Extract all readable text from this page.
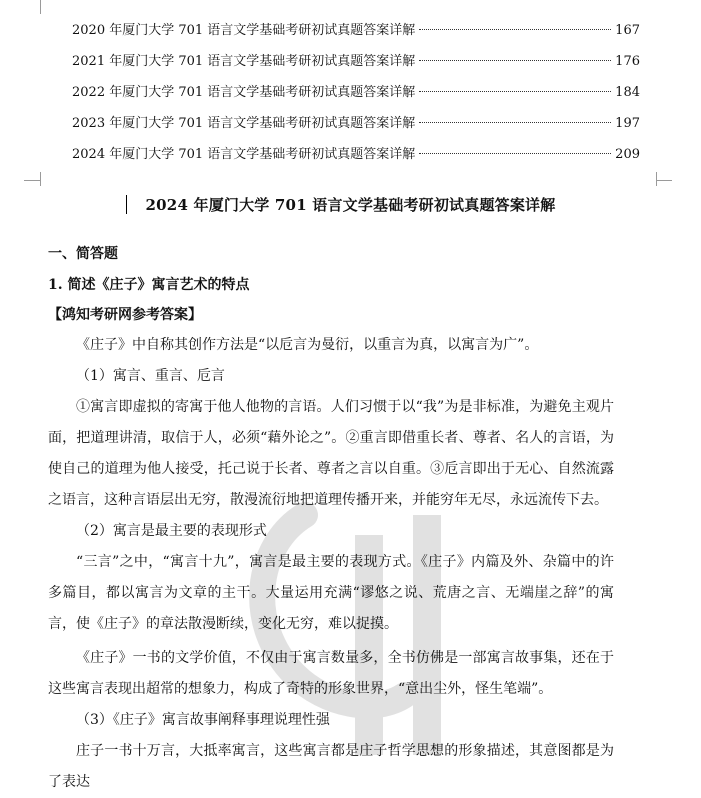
2020 年厦门大学 701 语言文学基础考研初试真题答案详解	167
2021 年厦门大学 701 语言文学基础考研初试真题答案详解	176
2022 年厦门大学 701 语言文学基础考研初试真题答案详解	184
2023 年厦门大学 701 语言文学基础考研初试真题答案详解	197
2024 年厦门大学 701 语言文学基础考研初试真题答案详解	209
2024 年厦门大学 701 语言文学基础考研初试真题答案详解
一、简答题
1. 简述《庄子》寓言艺术的特点
【鸿知考研网参考答案】
《庄子》中自称其创作方法是“以卮言为曼衍，以重言为真，以寓言为广”。
（1）寓言、重言、卮言
①寓言即虚拟的寄寓于他人他物的言语。人们习惯于以“我”为是非标准，为避免主观片面，把道理讲清，取信于人，必须“藉外论之”。②重言即借重长者、尊者、名人的言语，为使自己的道理为他人接受，托己说于长者、尊者之言以自重。③卮言即出于无心、自然流露之语言，这种言语层出无穷，散漫流衍地把道理传播开来，并能穷年无尽，永远流传下去。
（2）寓言是最主要的表现形式
“三言”之中，“寓言十九”，寓言是最主要的表现方式。《庄子》内篇及外、杂篇中的许多篇目，都以寓言为文章的主干。大量运用充满“谬悠之说、荒唐之言、无端崖之辞”的寓言，使《庄子》的章法散漫断续，变化无穷，难以捉摸。
《庄子》一书的文学价值，不仅由于寓言数量多，全书仿佛是一部寓言故事集，还在于这些寓言表现出超常的想象力，构成了奇特的形象世界，“意出尘外，怪生笔端”。
（3）《庄子》寓言故事阐释事理说理性强
庄子一书十万言，大抵率寓言，这些寓言都是庄子哲学思想的形象描述，其意图都是为了表达
